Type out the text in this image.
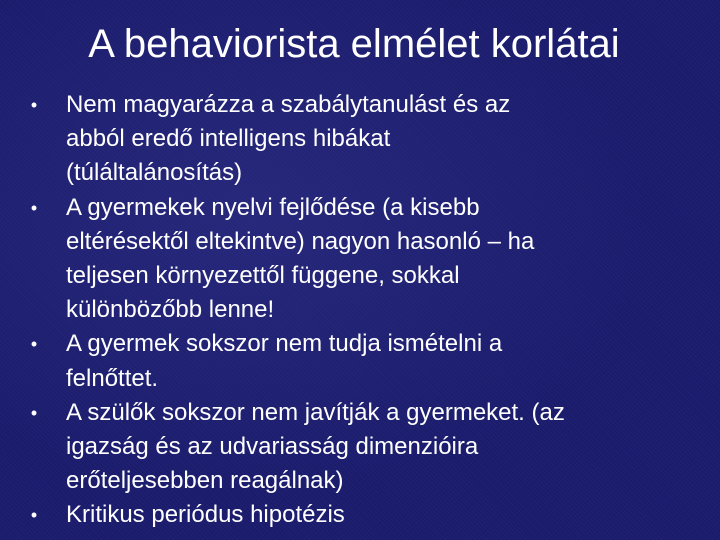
A behaviorista elmélet korlátai
• Nem magyarázza a szabálytanulást és az
abból eredő intelligens hibákat
(túláltalánosítás)
• A gyermekek nyelvi fejlődése (a kisebb
eltérésektől eltekintve) nagyon hasonló – ha
teljesen környezettől függene, sokkal
különbözőbb lenne!
• A gyermek sokszor nem tudja ismételni a
felnőttet.
• A szülők sokszor nem javítják a gyermeket. (az
igazság és az udvariasság dimenzióira
erőteljesebben reagálnak)
• Kritikus periódus hipotézis
